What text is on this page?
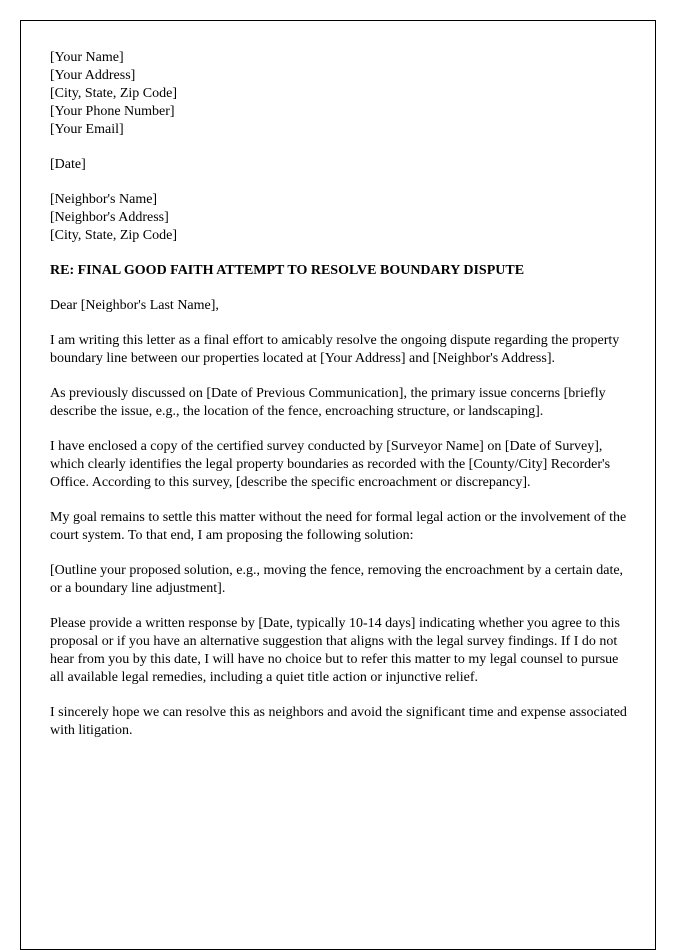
[Your Name]
[Your Address]
[City, State, Zip Code]
[Your Phone Number]
[Your Email]
[Date]
[Neighbor's Name]
[Neighbor's Address]
[City, State, Zip Code]
RE: FINAL GOOD FAITH ATTEMPT TO RESOLVE BOUNDARY DISPUTE
Dear [Neighbor's Last Name],

I am writing this letter as a final effort to amicably resolve the ongoing dispute regarding the property boundary line between our properties located at [Your Address] and [Neighbor's Address].

As previously discussed on [Date of Previous Communication], the primary issue concerns [briefly describe the issue, e.g., the location of the fence, encroaching structure, or landscaping].

I have enclosed a copy of the certified survey conducted by [Surveyor Name] on [Date of Survey], which clearly identifies the legal property boundaries as recorded with the [County/City] Recorder's Office. According to this survey, [describe the specific encroachment or discrepancy].

My goal remains to settle this matter without the need for formal legal action or the involvement of the court system. To that end, I am proposing the following solution:

[Outline your proposed solution, e.g., moving the fence, removing the encroachment by a certain date, or a boundary line adjustment].

Please provide a written response by [Date, typically 10-14 days] indicating whether you agree to this proposal or if you have an alternative suggestion that aligns with the legal survey findings. If I do not hear from you by this date, I will have no choice but to refer this matter to my legal counsel to pursue all available legal remedies, including a quiet title action or injunctive relief.

I sincerely hope we can resolve this as neighbors and avoid the significant time and expense associated with litigation.
